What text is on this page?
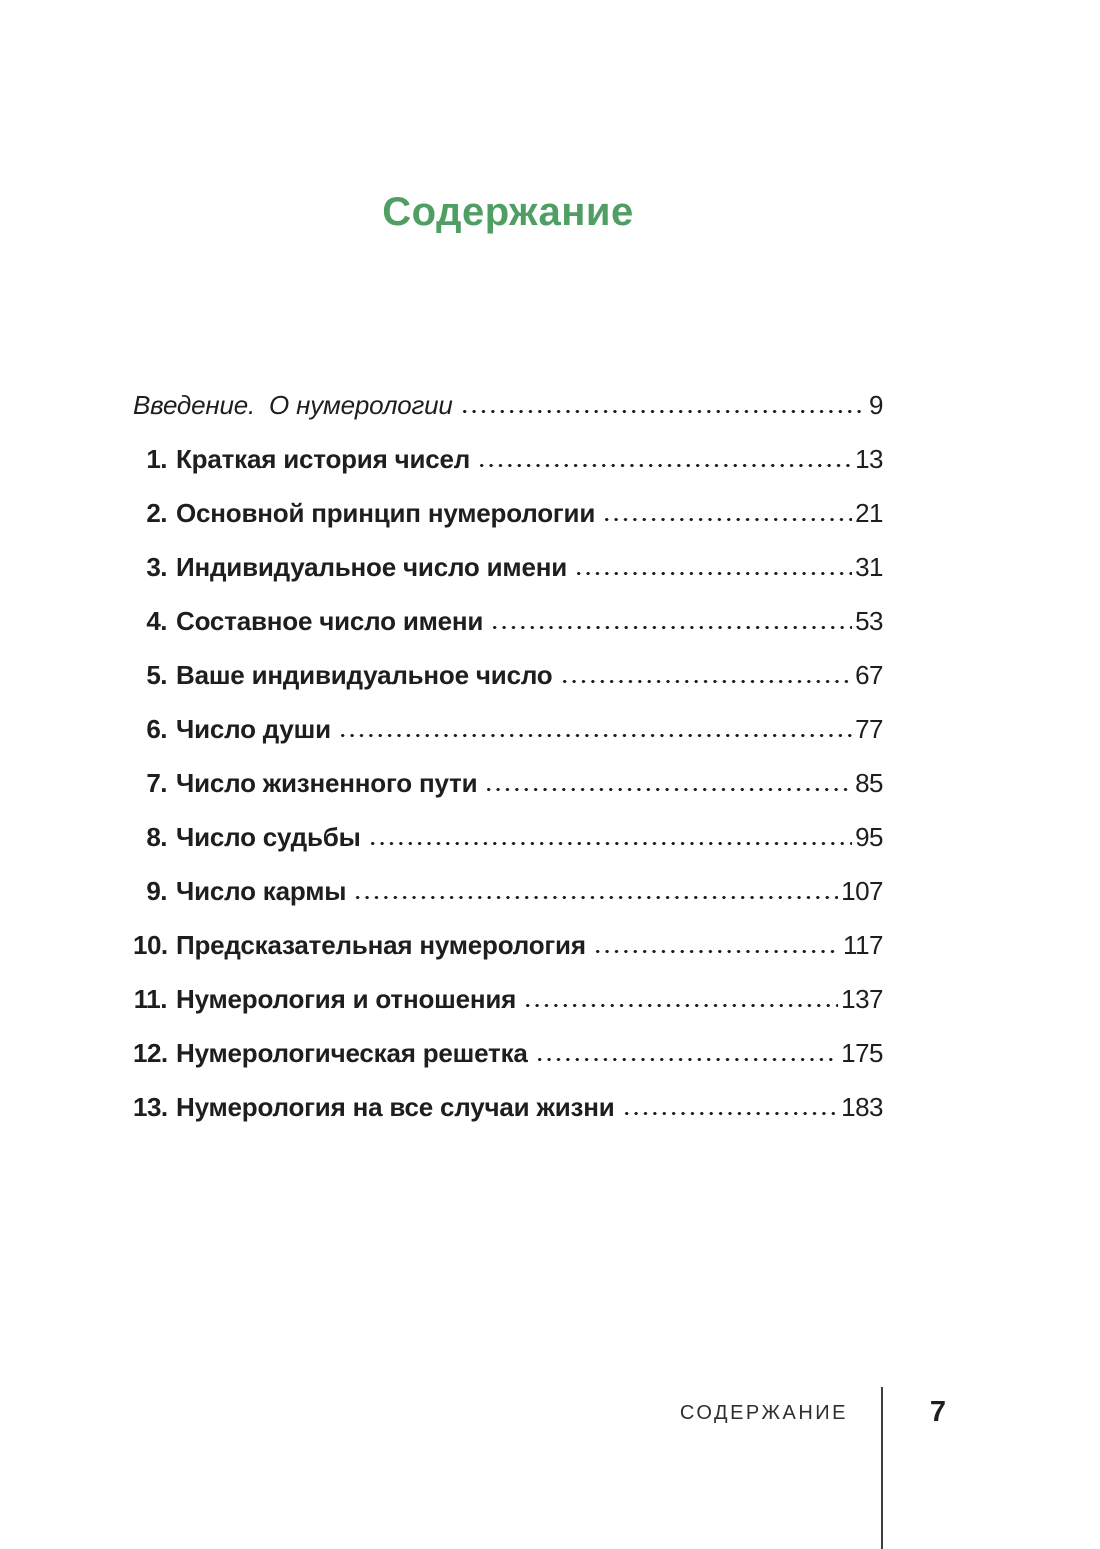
Содержание
Введение.  О нумерологии	9
1. Краткая история чисел	13
2. Основной принцип нумерологии	21
3. Индивидуальное число имени	31
4. Составное число имени	53
5. Ваше индивидуальное число	67
6. Число души	77
7. Число жизненного пути	85
8. Число судьбы	95
9. Число кармы	107
10. Предсказательная нумерология	117
11. Нумерология и отношения	137
12. Нумерологическая решетка	175
13. Нумерология на все случаи жизни	183
СОДЕРЖАНИЕ	7
